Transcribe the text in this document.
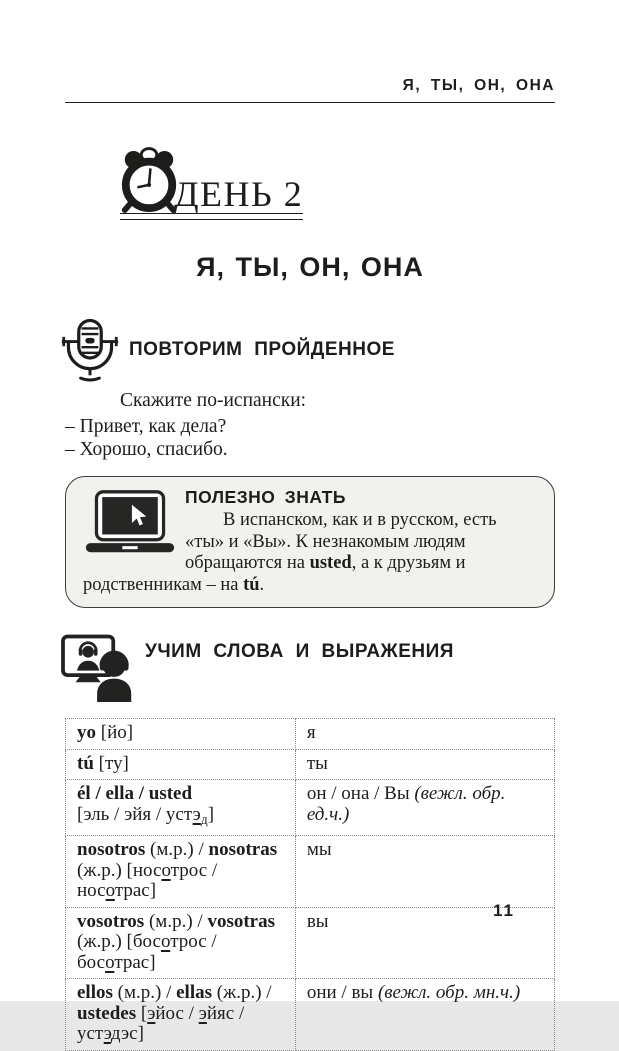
Я, ТЫ, ОН, ОНА
ДЕНЬ 2
Я, ТЫ, ОН, ОНА
ПОВТОРИМ ПРОЙДЕННОЕ

Скажите по-испански:

– Привет, как дела?

– Хорошо, спасибо.

ПОЛЕЗНО ЗНАТЬ

В испанском, как и в русском, есть «ты» и «Вы». К незнакомым людям обращаются на usted, а к друзьям и родственникам – на tú.

УЧИМ СЛОВА И ВЫРАЖЕНИЯ
yo [йо]	я
tú [ту]	ты
él / ella / usted
[эль / эйя / устэ$_д$]	он / она / Вы (вежл. обр.
ед.ч.)
nosotros (м.р.) / nosotras
(ж.р.) [носотрос / носотрас]	мы
vosotros (м.р.) / vosotras
(ж.р.) [босотрос / босотрас]	вы
ellos (м.р.) / ellas (ж.р.) /
ustedes [эйос / эйяс / устэдэс]	они / вы (вежл. обр. мн.ч.)
11
